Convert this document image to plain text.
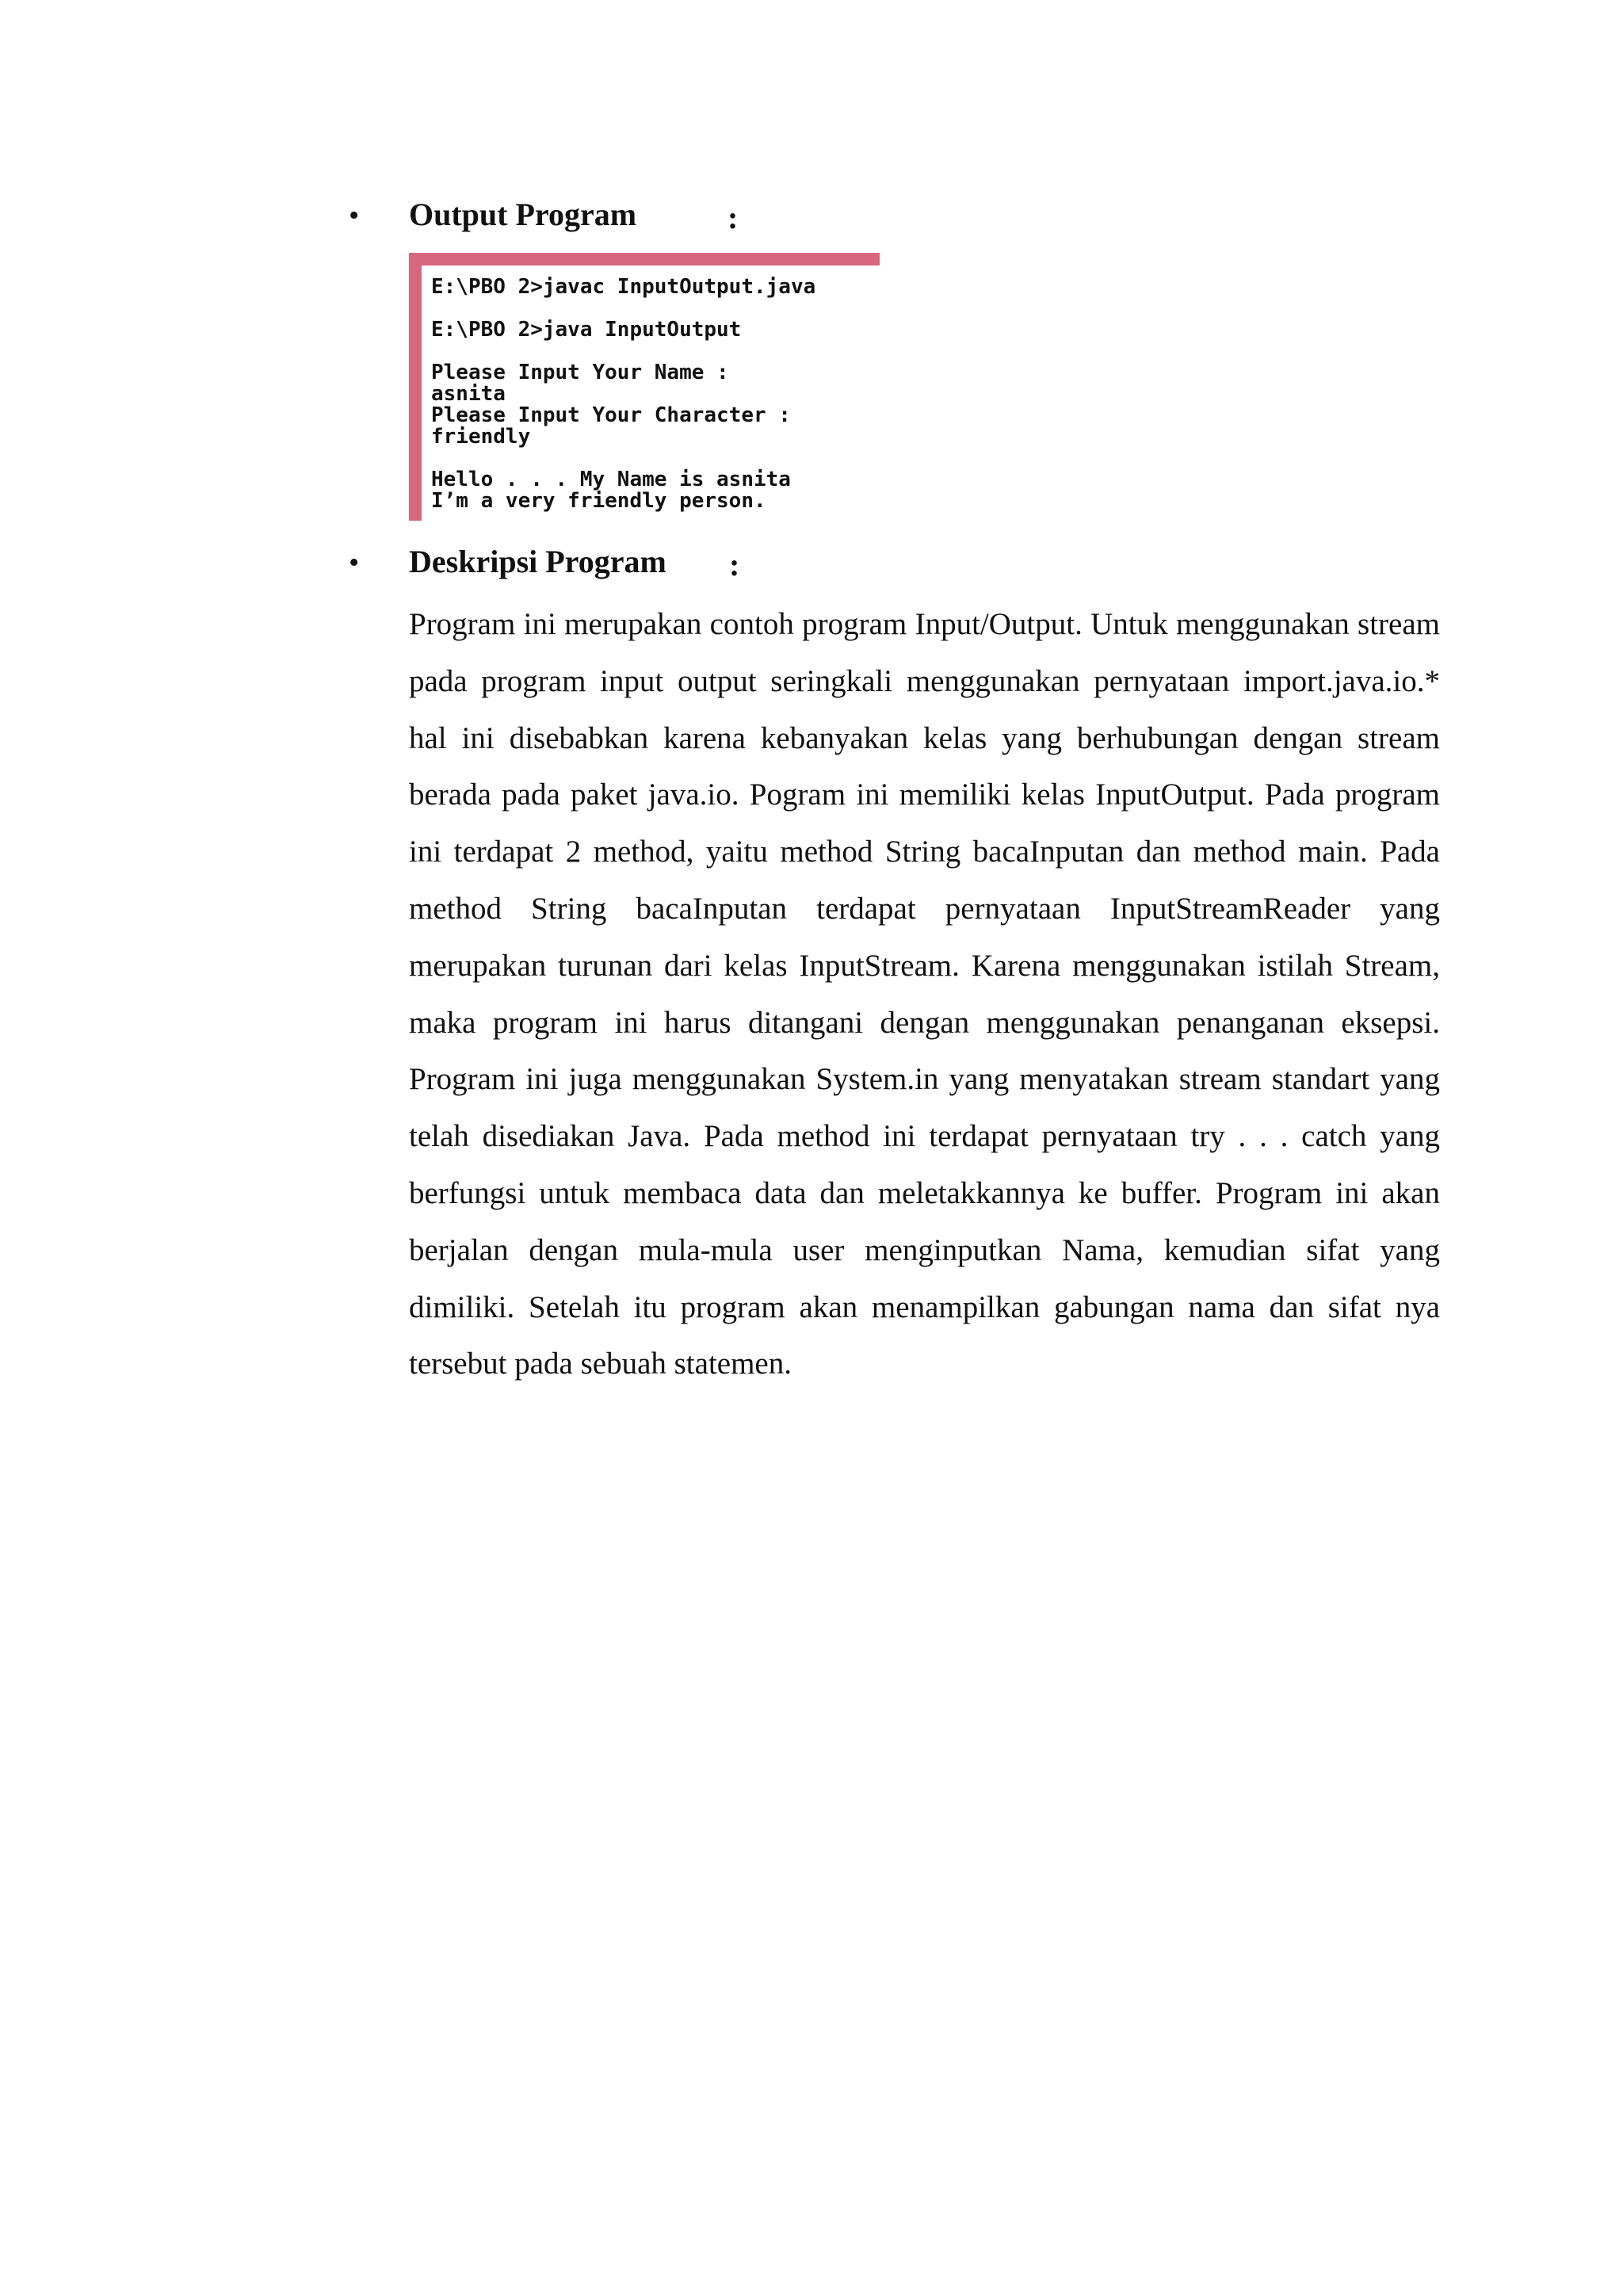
•	Output Program	:
E:\PBO 2>javac InputOutput.java
E:\PBO 2>java InputOutput
Please Input Your Name :
asnita
Please Input Your Character :
friendly
Hello . . . My Name is asnita
I’m a very friendly person.
•	Deskripsi Program :

Program ini merupakan contoh program Input/Output. Untuk menggunakan stream pada program input output seringkali menggunakan pernyataan import.java.io.* hal ini disebabkan karena kebanyakan kelas yang berhubungan dengan stream berada pada paket java.io. Pogram ini memiliki kelas InputOutput. Pada program ini terdapat 2 method, yaitu method String bacaInputan dan method main. Pada method String bacaInputan terdapat pernyataan InputStreamReader yang merupakan turunan dari kelas InputStream. Karena menggunakan istilah Stream, maka program ini harus ditangani dengan menggunakan penanganan eksepsi. Program ini juga menggunakan System.in yang menyatakan stream standart yang telah disediakan Java. Pada method ini terdapat pernyataan try . . . catch yang berfungsi untuk membaca data dan meletakkannya ke buffer. Program ini akan berjalan dengan mula-mula user menginputkan Nama, kemudian sifat yang dimiliki. Setelah itu program akan menampilkan gabungan nama dan sifat nya tersebut pada sebuah statemen.
